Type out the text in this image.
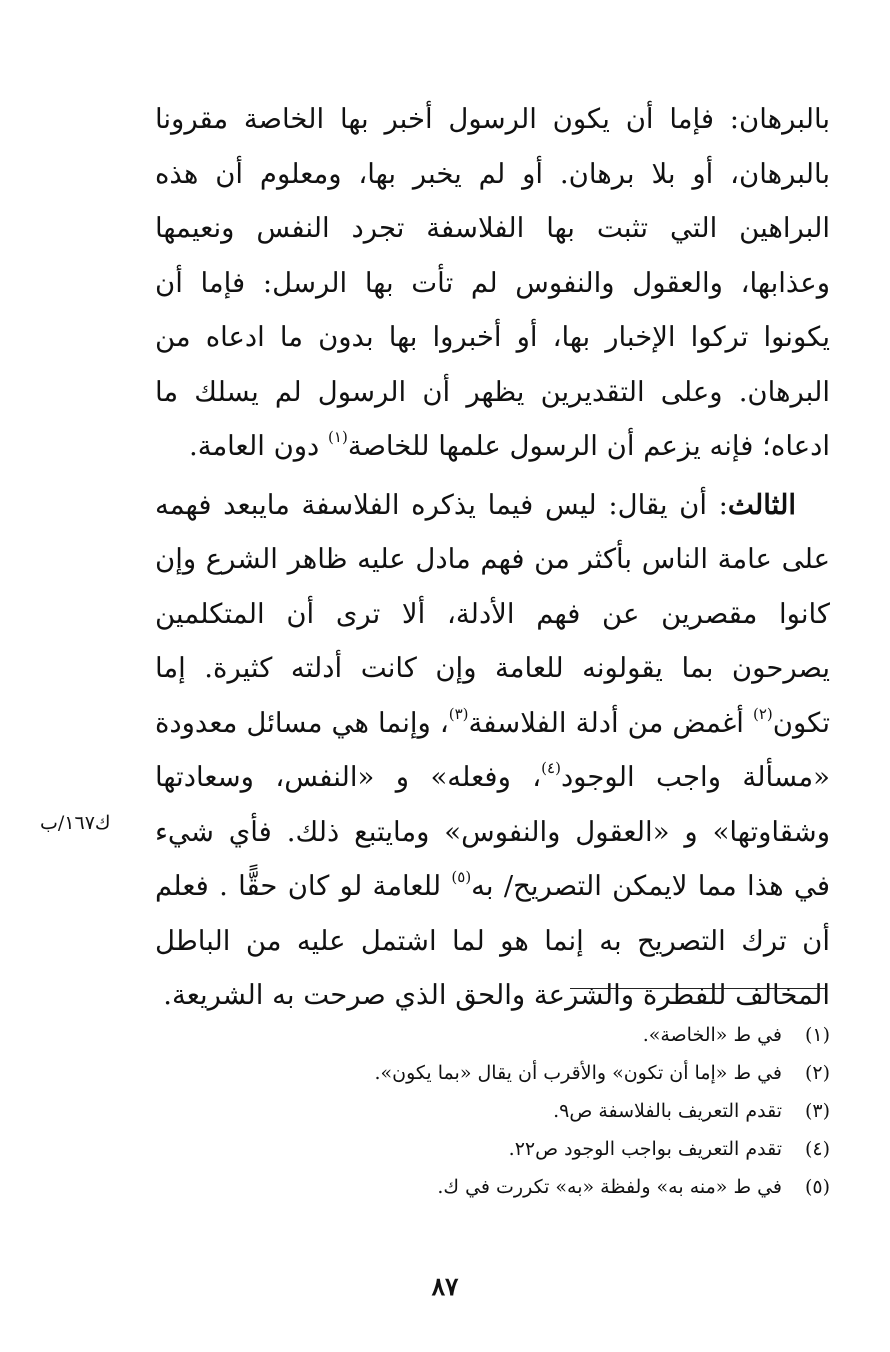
بالبرهان: فإما أن يكون الرسول أخبر بها الخاصة مقرونا بالبرهان، أو بلا برهان. أو لم يخبر بها، ومعلوم أن هذه البراهين التي تثبت بها الفلاسفة تجرد النفس ونعيمها وعذابها، والعقول والنفوس لم تأت بها الرسل: فإما أن يكونوا تركوا الإخبار بها، أو أخبروا بها بدون ما ادعاه من البرهان. وعلى التقديرين يظهر أن الرسول لم يسلك ما ادعاه؛ فإنه يزعم أن الرسول علمها للخاصة$^{(١)}$ دون العامة.

الثالث: أن يقال: ليس فيما يذكره الفلاسفة مايبعد فهمه على عامة الناس بأكثر من فهم مادل عليه ظاهر الشرع وإن كانوا مقصرين عن فهم الأدلة، ألا ترى أن المتكلمين يصرحون بما يقولونه للعامة وإن كانت أدلته كثيرة. إما تكون$^{(٢)}$ أغمض من أدلة الفلاسفة$^{(٣)}$، وإنما هي مسائل معدودة «مسألة واجب الوجود$^{(٤)}$، وفعله» و «النفس، وسعادتها وشقاوتها» و «العقول والنفوس» ومايتبع ذلك. فأي شيء في هذا مما لايمكن التصريح/ به$^{(٥)}$ للعامة لو كان حقًّا . فعلم أن ترك التصريح به إنما هو لما اشتمل عليه من الباطل المخالف للفطرة والشرعة والحق الذي صرحت به الشريعة.

ك١٦٧/ب
(١)في ط «الخاصة».
(٢)في ط «إما أن تكون» والأقرب أن يقال «بما يكون».
(٣)تقدم التعريف بالفلاسفة ص٩.
(٤)تقدم التعريف بواجب الوجود ص٢٢.
(٥)في ط «منه به» ولفظة «به» تكررت في ك.
٨٧
